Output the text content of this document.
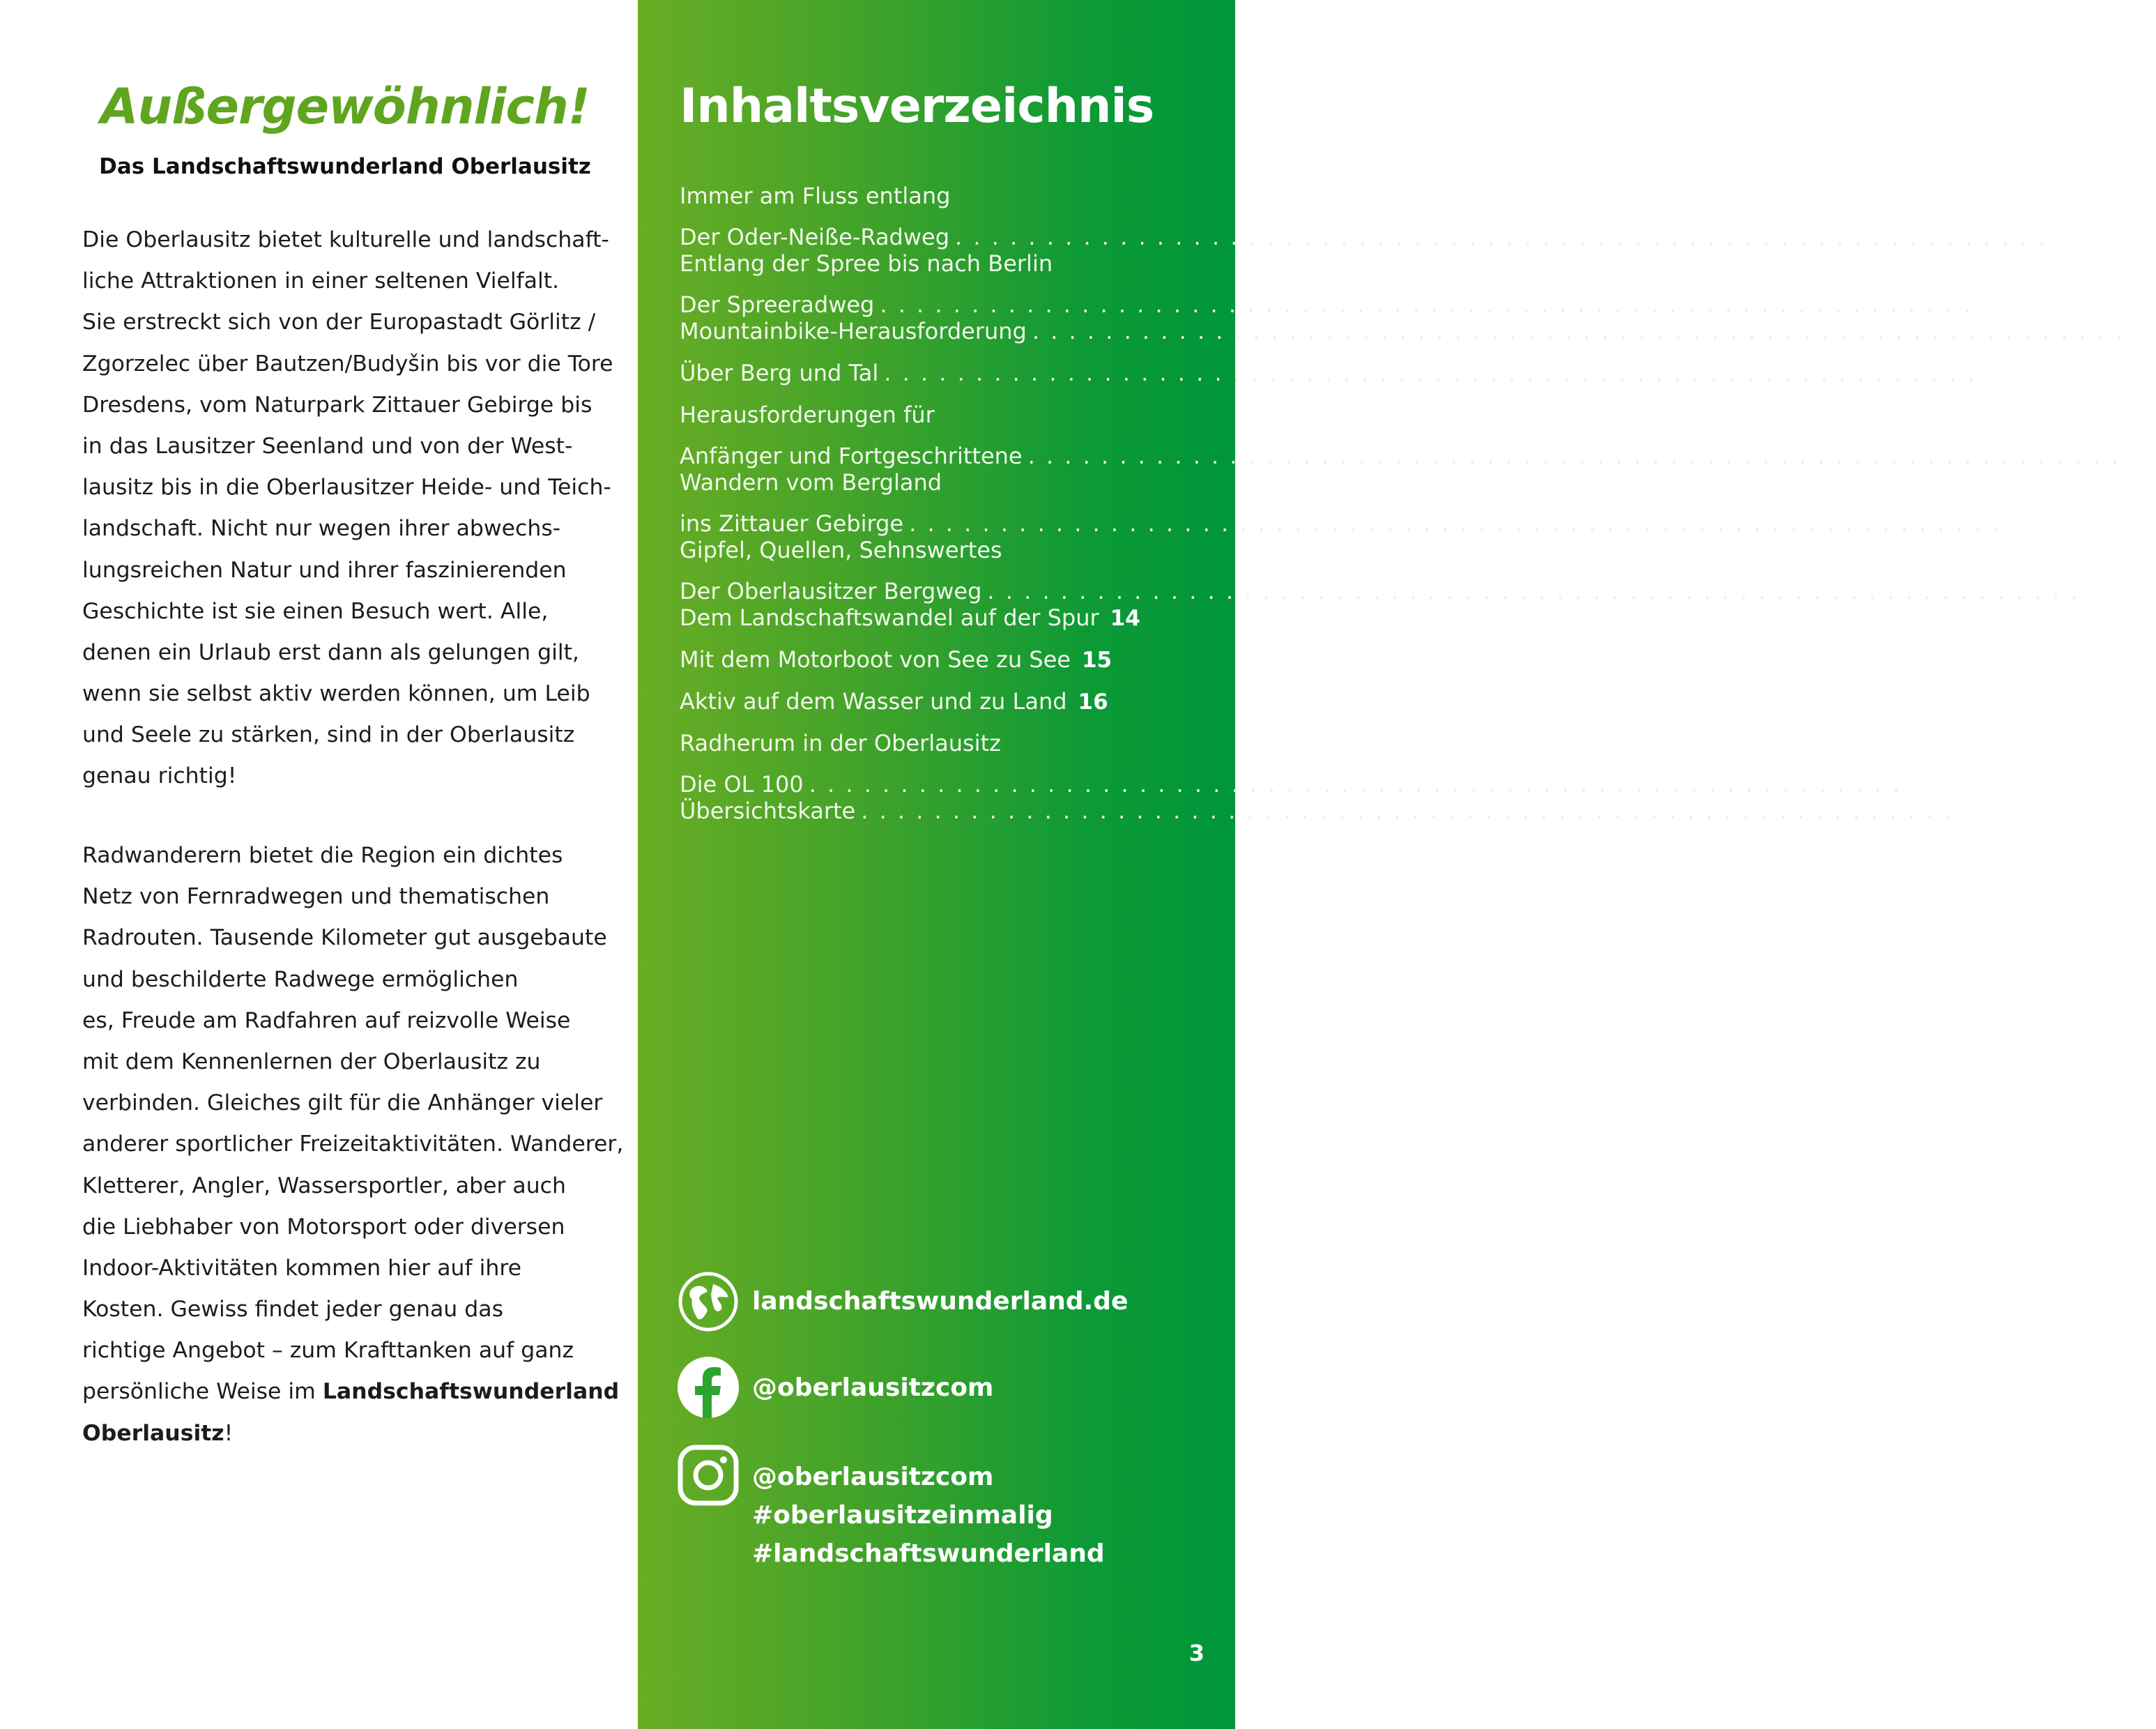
Außergewöhnlich!
Das Landschaftswunderland Oberlausitz
Die Oberlausitz bietet kulturelle und landschaft-
liche Attraktionen in einer seltenen Vielfalt.
Sie erstreckt sich von der Europastadt Görlitz /
Zgorzelec über Bautzen/Budyšin bis vor die Tore
Dresdens, vom Naturpark Zittauer Gebirge bis
in das Lausitzer Seenland und von der West-
lausitz bis in die Oberlausitzer Heide- und Teich-
landschaft. Nicht nur wegen ihrer abwechs-
lungsreichen Natur und ihrer faszinierenden
Geschichte ist sie einen Besuch wert. Alle,
denen ein Urlaub erst dann als gelungen gilt,
wenn sie selbst aktiv werden können, um Leib
und Seele zu stärken, sind in der Oberlausitz
genau richtig!
Radwanderern bietet die Region ein dichtes
Netz von Fernradwegen und thematischen
Radrouten. Tausende Kilometer gut ausgebaute
und beschilderte Radwege ermöglichen
es, Freude am Radfahren auf reizvolle Weise
mit dem Kennenlernen der Oberlausitz zu
verbinden. Gleiches gilt für die Anhänger vieler
anderer sportlicher Freizeitaktivitäten. Wanderer,
Kletterer, Angler, Wassersportler, aber auch
die Liebhaber von Motorsport oder diversen
Indoor-Aktivitäten kommen hier auf ihre
Kosten. Gewiss findet jeder genau das
richtige Angebot – zum Krafttanken auf ganz
persönliche Weise im Landschaftswunderland
Oberlausitz!
Inhaltsverzeichnis
Immer am Fluss entlang
Der Oder-Neiße-Radweg . . . . . . . . . . . . . . . . . . . . . . . . . . . . . . . . . . . . . . . . . . . . . . . . . . . . . . . . . . . . 4
Entlang der Spree bis nach Berlin
Der Spreeradweg . . . . . . . . . . . . . . . . . . . . . . . . . . . . . . . . . . . . . . . . . . . . . . . . . . . . . . . . . . . . 6
Mountainbike-Herausforderung . . . . . . . . . . . . . . . . . . . . . . . . . . . . . . . . . . . . . . . . . . . . . . . . . . . . . . . . . . . . 8
Über Berg und Tal . . . . . . . . . . . . . . . . . . . . . . . . . . . . . . . . . . . . . . . . . . . . . . . . . . . . . . . . . . . . 10
Herausforderungen für
Anfänger und Fortgeschrittene . . . . . . . . . . . . . . . . . . . . . . . . . . . . . . . . . . . . . . . . . . . . . . . . . . . . . . . . . . . . 11
Wandern vom Bergland
ins Zittauer Gebirge . . . . . . . . . . . . . . . . . . . . . . . . . . . . . . . . . . . . . . . . . . . . . . . . . . . . . . . . . . . . 12
Gipfel, Quellen, Sehnswertes
Der Oberlausitzer Bergweg . . . . . . . . . . . . . . . . . . . . . . . . . . . . . . . . . . . . . . . . . . . . . . . . . . . . . . . . . . . . 13
Dem Landschaftswandel auf der Spur 14
Mit dem Motorboot von See zu See 15
Aktiv auf dem Wasser und zu Land 16
Radherum in der Oberlausitz
Die OL 100 . . . . . . . . . . . . . . . . . . . . . . . . . . . . . . . . . . . . . . . . . . . . . . . . . . . . . . . . . . . . 17
Übersichtskarte . . . . . . . . . . . . . . . . . . . . . . . . . . . . . . . . . . . . . . . . . . . . . . . . . . . . . . . . . . . . 18
landschaftswunderland.de
@oberlausitzcom
@oberlausitzcom
#oberlausitzeinmalig
#landschaftswunderland
3
